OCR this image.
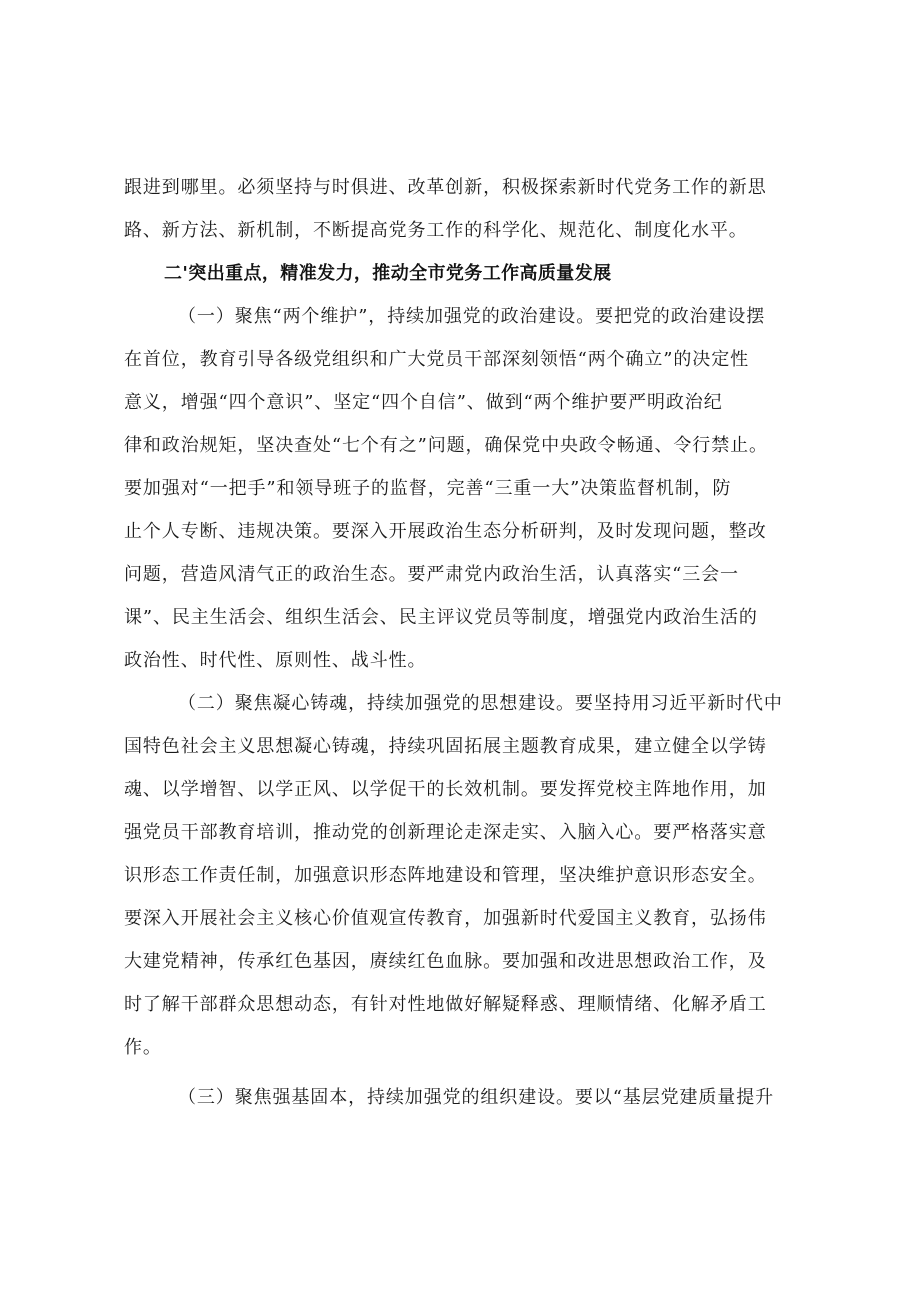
跟进到哪里。必须坚持与时俱进、改革创新，积极探索新时代党务工作的新思

路、新方法、新机制，不断提高党务工作的科学化、规范化、制度化水平。

二'突出重点，精准发力，推动全市党务工作高质量发展

（一）聚焦“两个维护”，持续加强党的政治建设。要把党的政治建设摆

在首位，教育引导各级党组织和广大党员干部深刻领悟“两个确立”的决定性

意义，增强“四个意识”、坚定“四个自信”、做到“两个维护要严明政治纪

律和政治规矩，坚决查处“七个有之”问题，确保党中央政令畅通、令行禁止。

要加强对“一把手”和领导班子的监督，完善“三重一大”决策监督机制，防

止个人专断、违规决策。要深入开展政治生态分析研判，及时发现问题，整改

问题，营造风清气正的政治生态。要严肃党内政治生活，认真落实“三会一

课”、民主生活会、组织生活会、民主评议党员等制度，增强党内政治生活的

政治性、时代性、原则性、战斗性。

（二）聚焦凝心铸魂，持续加强党的思想建设。要坚持用习近平新时代中

国特色社会主义思想凝心铸魂，持续巩固拓展主题教育成果，建立健全以学铸

魂、以学增智、以学正风、以学促干的长效机制。要发挥党校主阵地作用，加

强党员干部教育培训，推动党的创新理论走深走实、入脑入心。要严格落实意

识形态工作责任制，加强意识形态阵地建设和管理，坚决维护意识形态安全。

要深入开展社会主义核心价值观宣传教育，加强新时代爱国主义教育，弘扬伟

大建党精神，传承红色基因，赓续红色血脉。要加强和改进思想政治工作，及

时了解干部群众思想动态，有针对性地做好解疑释惑、理顺情绪、化解矛盾工

作。

（三）聚焦强基固本，持续加强党的组织建设。要以“基层党建质量提升
